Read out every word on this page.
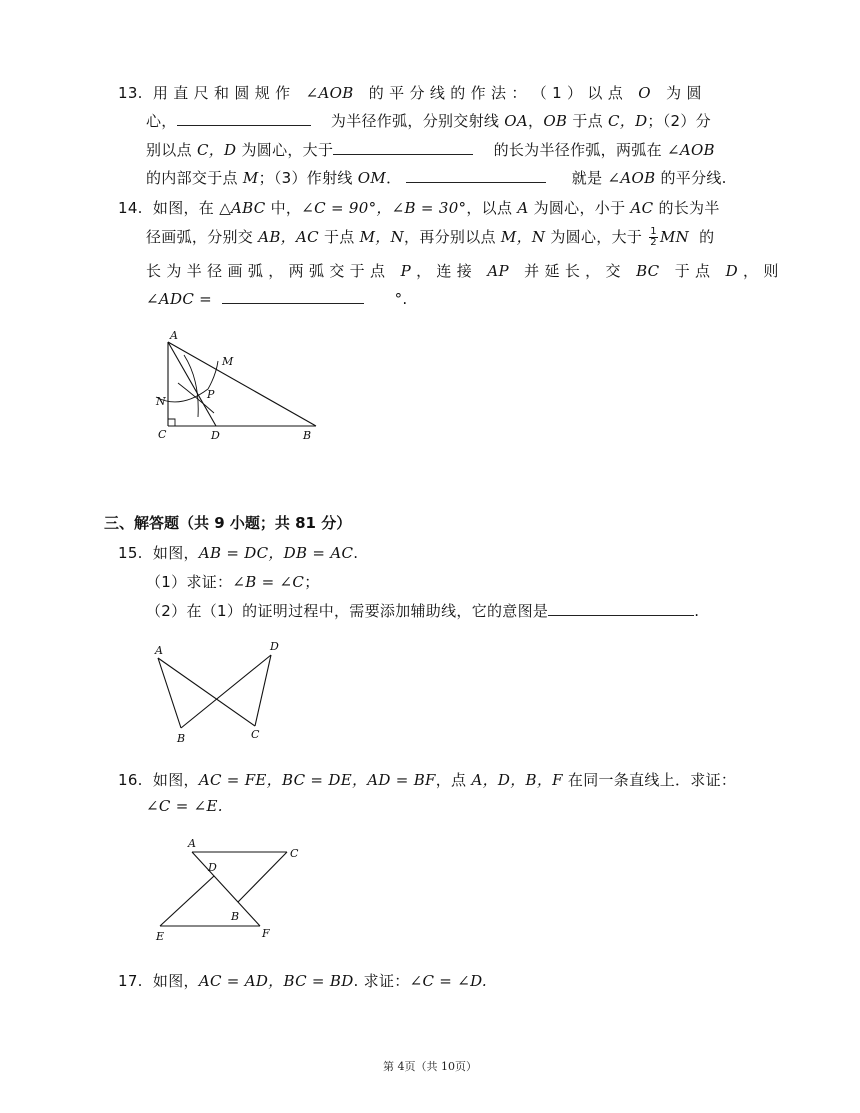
13. 用 直 尺 和 圆 规 作 ∠AOB 的 平 分 线 的 作 法 ： （ 1 ） 以 点 O 为 圆
心，	为半径作弧，分别交射线 OA，OB 于点 C，D；（2）分
别以点 C，D 为圆心，大于	的长为半径作弧，两弧在 ∠AOB
的内部交于点 M；（3）作射线 OM．	就是 ∠AOB 的平分线.
14. 如图，在 △ABC 中，∠C = 90°，∠B = 30°，以点 A 为圆心，小于 AC 的长为半
径画弧，分别交 AB，AC 于点 M，N，再分别以点 M，N 为圆心，大于 $\frac{1}{2}$ MN 的
长 为 半 径 画 弧 ， 两 弧 交 于 点 P ， 连 接 AP 并 延 长 ， 交 BC 于 点 D ， 则
∠ADC =	°.
A
M
N
P
C	D	B
三、解答题（共 9 小题；共 81 分）
15. 如图，AB = DC，DB = AC.
（1）求证：∠B = ∠C；
（2）在（1）的证明过程中，需要添加辅助线，它的意图是	.
A	D
B	C
16. 如图，AC = FE，BC = DE，AD = BF，点 A，D，B，F 在同一条直线上．求证：
∠C = ∠E.
A
C
D
B
E	F
17. 如图，AC = AD，BC = BD. 求证：∠C = ∠D.
第 4页（共 10页）
